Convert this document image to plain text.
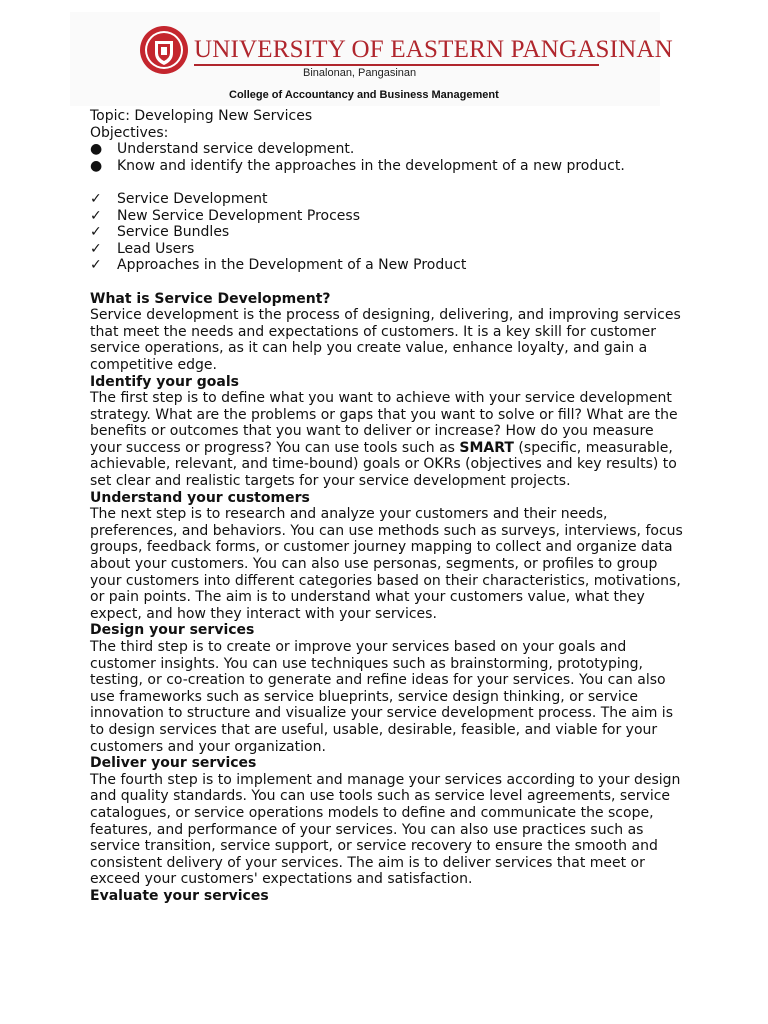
UNIVERSITY OF EASTERN PANGASINAN
Binalonan, Pangasinan
College of Accountancy and Business Management
Topic: Developing New Services
Objectives:
●	Understand service development.
●	Know and identify the approaches in the development of a new product.
✓	Service Development
✓	New Service Development Process
✓	Service Bundles
✓	Lead Users
✓	Approaches in the Development of a New Product
What is Service Development?
Service development is the process of designing, delivering, and improving services
that meet the needs and expectations of customers. It is a key skill for customer
service operations, as it can help you create value, enhance loyalty, and gain a
competitive edge.
Identify your goals
The first step is to define what you want to achieve with your service development
strategy. What are the problems or gaps that you want to solve or fill? What are the
benefits or outcomes that you want to deliver or increase? How do you measure
your success or progress? You can use tools such as SMART (specific, measurable,
achievable, relevant, and time-bound) goals or OKRs (objectives and key results) to
set clear and realistic targets for your service development projects.
Understand your customers
The next step is to research and analyze your customers and their needs,
preferences, and behaviors. You can use methods such as surveys, interviews, focus
groups, feedback forms, or customer journey mapping to collect and organize data
about your customers. You can also use personas, segments, or profiles to group
your customers into different categories based on their characteristics, motivations,
or pain points. The aim is to understand what your customers value, what they
expect, and how they interact with your services.
Design your services
The third step is to create or improve your services based on your goals and
customer insights. You can use techniques such as brainstorming, prototyping,
testing, or co-creation to generate and refine ideas for your services. You can also
use frameworks such as service blueprints, service design thinking, or service
innovation to structure and visualize your service development process. The aim is
to design services that are useful, usable, desirable, feasible, and viable for your
customers and your organization.
Deliver your services
The fourth step is to implement and manage your services according to your design
and quality standards. You can use tools such as service level agreements, service
catalogues, or service operations models to define and communicate the scope,
features, and performance of your services. You can also use practices such as
service transition, service support, or service recovery to ensure the smooth and
consistent delivery of your services. The aim is to deliver services that meet or
exceed your customers' expectations and satisfaction.
Evaluate your services
